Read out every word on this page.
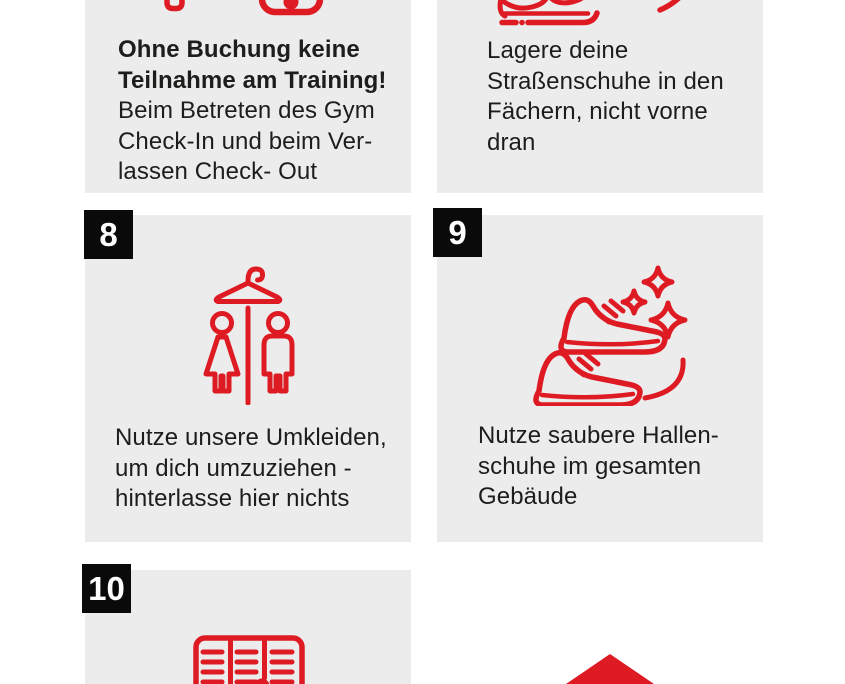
Ohne Buchung keine
Teilnahme am Training!
Beim Betreten des Gym
Check-In und beim Ver-
lassen Check- Out
Lagere deine
Straßenschuhe in den
Fächern, nicht vorne
dran
Nutze unsere Umkleiden,
um dich umzuziehen -
hinterlasse hier nichts
Nutze saubere Hallen-
schuhe im gesamten
Gebäude
8	9
10
